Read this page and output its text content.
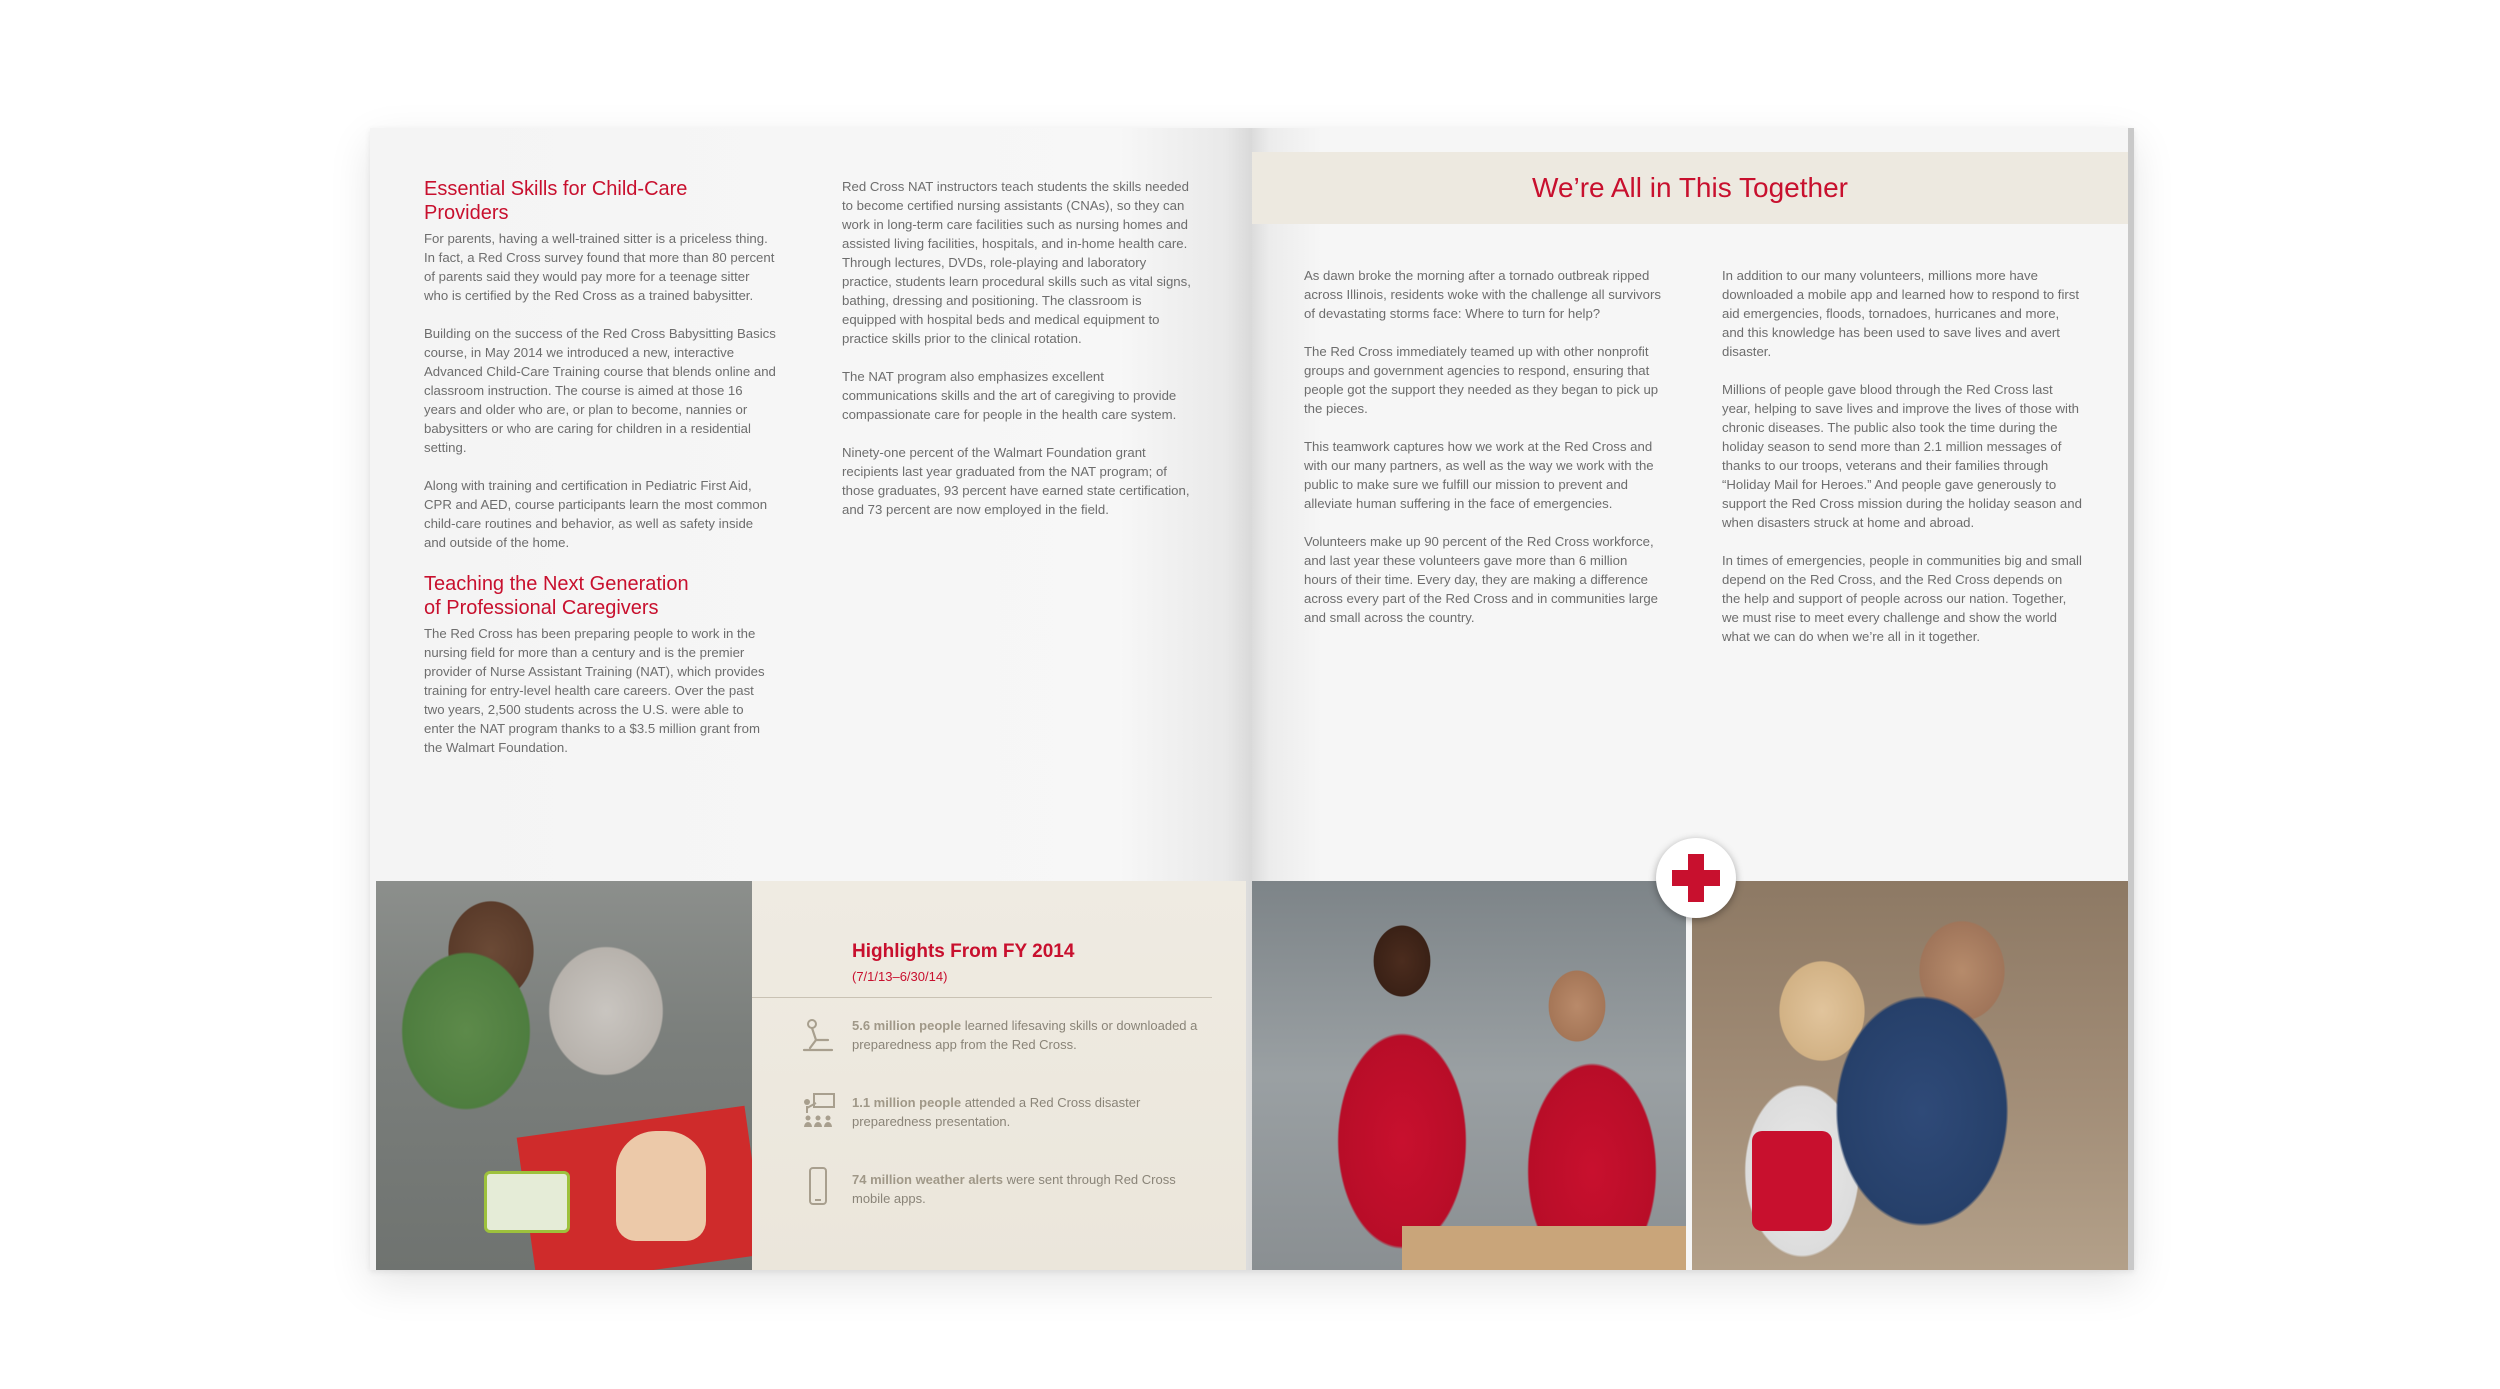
Essential Skills for Child-Care Providers

For parents, having a well-trained sitter is a priceless thing. In fact, a Red Cross survey found that more than 80 percent of parents said they would pay more for a teenage sitter who is certified by the Red Cross as a trained babysitter.

Building on the success of the Red Cross Babysitting Basics course, in May 2014 we introduced a new, interactive Advanced Child-Care Training course that blends online and classroom instruction. The course is aimed at those 16 years and older who are, or plan to become, nannies or babysitters or who are caring for children in a residential setting.

Along with training and certification in Pediatric First Aid, CPR and AED, course participants learn the most common child-care routines and behavior, as well as safety inside and outside of the home.

Teaching the Next Generation
of Professional Caregivers

The Red Cross has been preparing people to work in the nursing field for more than a century and is the premier provider of Nurse Assistant Training (NAT), which provides training for entry-level health care careers. Over the past two years, 2,500 students across the U.S. were able to enter the NAT program thanks to a $3.5 million grant from the Walmart Foundation.

Red Cross NAT instructors teach students the skills needed to become certified nursing assistants (CNAs), so they can work in long-term care facilities such as nursing homes and assisted living facilities, hospitals, and in-home health care. Through lectures, DVDs, role-playing and laboratory practice, students learn procedural skills such as vital signs, bathing, dressing and positioning. The classroom is equipped with hospital beds and medical equipment to practice skills prior to the clinical rotation.

The NAT program also emphasizes excellent communications skills and the art of caregiving to provide compassionate care for people in the health care system.

Ninety-one percent of the Walmart Foundation grant recipients last year graduated from the NAT program; of those graduates, 93 percent have earned state certification, and 73 percent are now employed in the field.

Highlights From FY 2014
(7/1/13–6/30/14)
5.6 million people learned lifesaving skills or downloaded a preparedness app from the Red Cross.
1.1 million people attended a Red Cross disaster preparedness presentation.
74 million weather alerts were sent through Red Cross mobile apps.
We’re All in This Together

As dawn broke the morning after a tornado outbreak ripped across Illinois, residents woke with the challenge all survivors of devastating storms face: Where to turn for help?

The Red Cross immediately teamed up with other nonprofit groups and government agencies to respond, ensuring that people got the support they needed as they began to pick up the pieces.

This teamwork captures how we work at the Red Cross and with our many partners, as well as the way we work with the public to make sure we fulfill our mission to prevent and alleviate human suffering in the face of emergencies.

Volunteers make up 90 percent of the Red Cross workforce, and last year these volunteers gave more than 6 million hours of their time. Every day, they are making a difference across every part of the Red Cross and in communities large and small across the country.

In addition to our many volunteers, millions more have downloaded a mobile app and learned how to respond to first aid emergencies, floods, tornadoes, hurricanes and more, and this knowledge has been used to save lives and avert disaster.

Millions of people gave blood through the Red Cross last year, helping to save lives and improve the lives of those with chronic diseases. The public also took the time during the holiday season to send more than 2.1 million messages of thanks to our troops, veterans and their families through “Holiday Mail for Heroes.” And people gave generously to support the Red Cross mission during the holiday season and when disasters struck at home and abroad.

In times of emergencies, people in communities big and small depend on the Red Cross, and the Red Cross depends on the help and support of people across our nation. Together, we must rise to meet every challenge and show the world what we can do when we’re all in it together.
